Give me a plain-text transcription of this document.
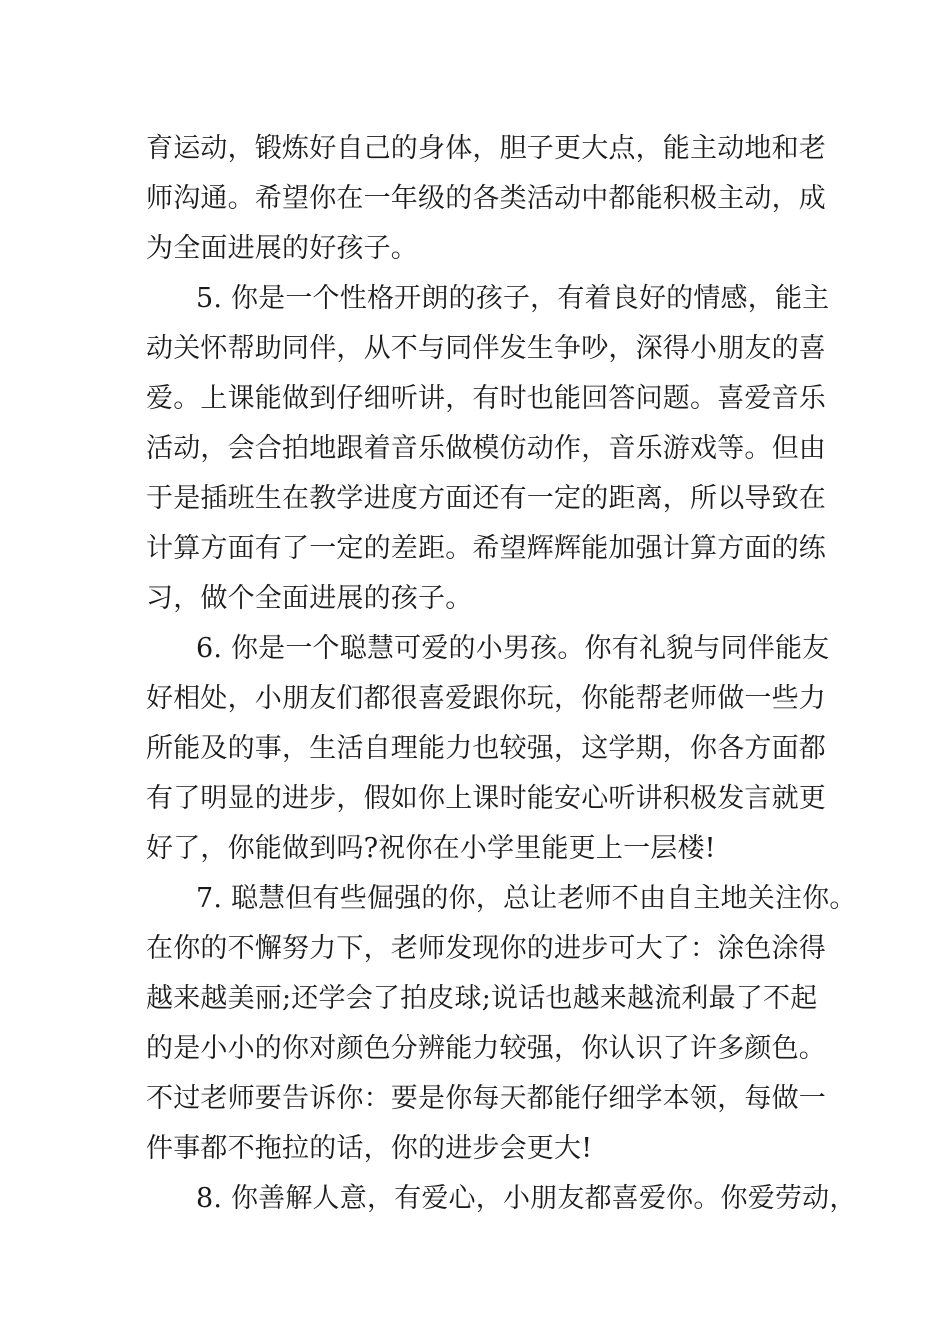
育运动，锻炼好自己的身体，胆子更大点，能主动地和老

师沟通。希望你在一年级的各类活动中都能积极主动，成

为全面进展的好孩子。

5. 你是一个性格开朗的孩子，有着良好的情感，能主

动关怀帮助同伴，从不与同伴发生争吵，深得小朋友的喜

爱。上课能做到仔细听讲，有时也能回答问题。喜爱音乐

活动，会合拍地跟着音乐做模仿动作，音乐游戏等。但由

于是插班生在教学进度方面还有一定的距离，所以导致在

计算方面有了一定的差距。希望辉辉能加强计算方面的练

习，做个全面进展的孩子。

6. 你是一个聪慧可爱的小男孩。你有礼貌与同伴能友

好相处，小朋友们都很喜爱跟你玩，你能帮老师做一些力

所能及的事，生活自理能力也较强，这学期，你各方面都

有了明显的进步，假如你上课时能安心听讲积极发言就更

好了，你能做到吗?祝你在小学里能更上一层楼!

7. 聪慧但有些倔强的你，总让老师不由自主地关注你。

在你的不懈努力下，老师发现你的进步可大了：涂色涂得

越来越美丽;还学会了拍皮球;说话也越来越流利最了不起

的是小小的你对颜色分辨能力较强，你认识了许多颜色。

不过老师要告诉你：要是你每天都能仔细学本领，每做一

件事都不拖拉的话，你的进步会更大!

8. 你善解人意，有爱心，小朋友都喜爱你。你爱劳动，
